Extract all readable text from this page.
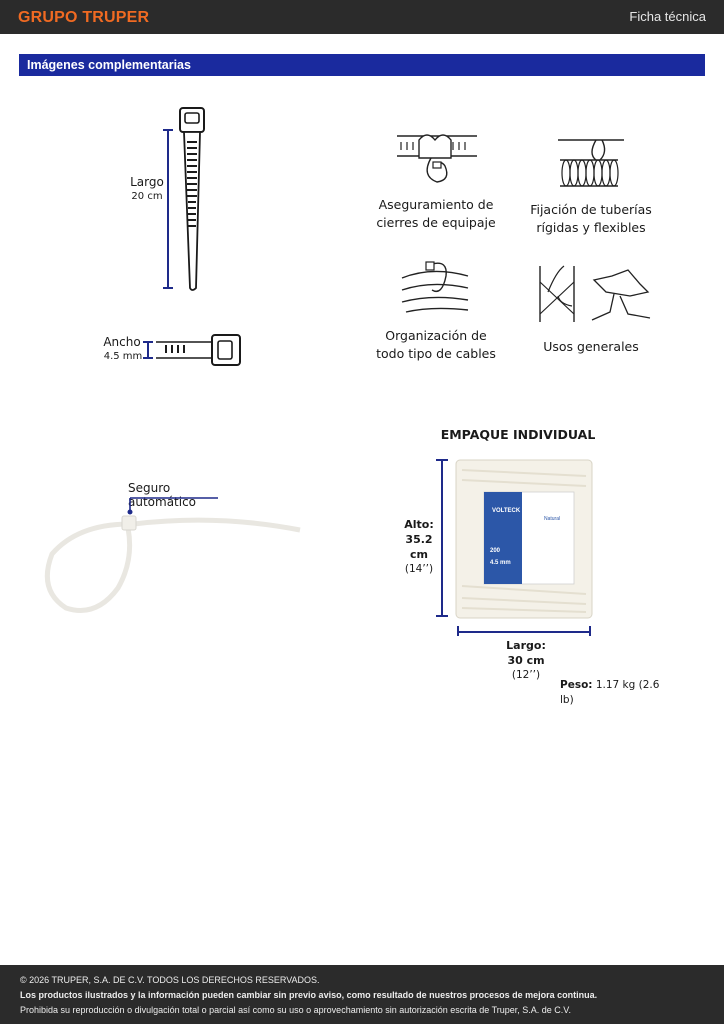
GRUPO TRUPER	Ficha técnica
Imágenes complementarias
Largo
20 cm
Ancho
4.5 mm
Aseguramiento de
cierres de equipaje
Fijación de tuberías
rígidas y flexibles
Organización de
todo tipo de cables	Usos generales
Seguro automático
EMPAQUE INDIVIDUAL
VOLTECK
200
4.5 mm
Natural
Alto:
35.2 cm
(14’’)
Largo:
30 cm
(12’’)
Peso: 1.17 kg (2.6 lb)
© 2026 TRUPER, S.A. DE C.V. TODOS LOS DERECHOS RESERVADOS.
Los productos ilustrados y la información pueden cambiar sin previo aviso, como resultado de nuestros procesos de mejora continua.
Prohibida su reproducción o divulgación total o parcial así como su uso o aprovechamiento sin autorización escrita de Truper, S.A. de C.V.
